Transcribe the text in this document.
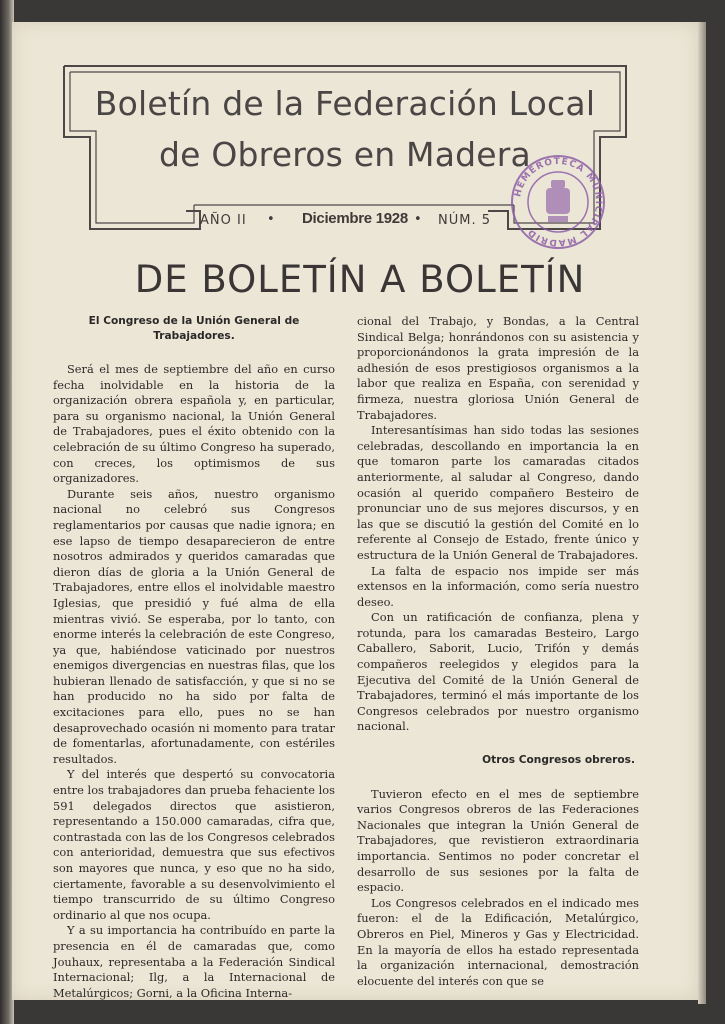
Boletín de la Federación Local
de Obreros en Madera
AÑO II • Diciembre 1928 • NÚM. 5
HEMEROTECA MUNICIPAL MADRID
DE BOLETÍN A BOLETÍN
El Congreso de la Unión General de Trabajadores.

Será el mes de septiembre del año en curso fecha inolvidable en la historia de la organización obrera española y, en particular, para su organismo nacional, la Unión General de Trabajadores, pues el éxito obtenido con la celebración de su último Congreso ha superado, con creces, los optimismos de sus organizadores.

Durante seis años, nuestro organismo nacional no celebró sus Congresos reglamentarios por causas que nadie ignora; en ese lapso de tiempo desaparecieron de entre nosotros admirados y queridos camaradas que dieron días de gloria a la Unión General de Trabajadores, entre ellos el inolvidable maestro Iglesias, que presidió y fué alma de ella mientras vivió. Se esperaba, por lo tanto, con enorme interés la celebración de este Congreso, ya que, habiéndose vaticinado por nuestros enemigos divergencias en nuestras filas, que los hubieran llenado de satisfacción, y que si no se han producido no ha sido por falta de excitaciones para ello, pues no se han desaprovechado ocasión ni momento para tratar de fomentarlas, afortunadamente, con estériles resultados.

Y del interés que despertó su convocatoria entre los trabajadores dan prueba fehaciente los 591 delegados directos que asistieron, representando a 150.000 camaradas, cifra que, contrastada con las de los Congresos celebrados con anterioridad, demuestra que sus efectivos son mayores que nunca, y eso que no ha sido, ciertamente, favorable a su desenvolvimiento el tiempo transcurrido de su último Congreso ordinario al que nos ocupa.

Y a su importancia ha contribuído en parte la presencia en él de camaradas que, como Jouhaux, representaba a la Federación Sindical Internacional; Ilg, a la Internacional de Metalúrgicos; Gorni, a la Oficina Interna-

cional del Trabajo, y Bondas, a la Central Sindical Belga; honrándonos con su asistencia y proporcionándonos la grata impresión de la adhesión de esos prestigiosos organismos a la labor que realiza en España, con serenidad y firmeza, nuestra gloriosa Unión General de Trabajadores.

Interesantísimas han sido todas las sesiones celebradas, descollando en importancia la en que tomaron parte los camaradas citados anteriormente, al saludar al Congreso, dando ocasión al querido compañero Besteiro de pronunciar uno de sus mejores discursos, y en las que se discutió la gestión del Comité en lo referente al Consejo de Estado, frente único y estructura de la Unión General de Trabajadores.

La falta de espacio nos impide ser más extensos en la información, como sería nuestro deseo.

Con un ratificación de confianza, plena y rotunda, para los camaradas Besteiro, Largo Caballero, Saborit, Lucio, Trifón y demás compañeros reelegidos y elegidos para la Ejecutiva del Comité de la Unión General de Trabajadores, terminó el más importante de los Congresos celebrados por nuestro organismo nacional.

Otros Congresos obreros.

Tuvieron efecto en el mes de septiembre varios Congresos obreros de las Federaciones Nacionales que integran la Unión General de Trabajadores, que revistieron extraordinaria importancia. Sentimos no poder concretar el desarrollo de sus sesiones por la falta de espacio.

Los Congresos celebrados en el indicado mes fueron: el de la Edificación, Metalúrgico, Obreros en Piel, Mineros y Gas y Electricidad. En la mayoría de ellos ha estado representada la organización internacional, demostración elocuente del interés con que se
